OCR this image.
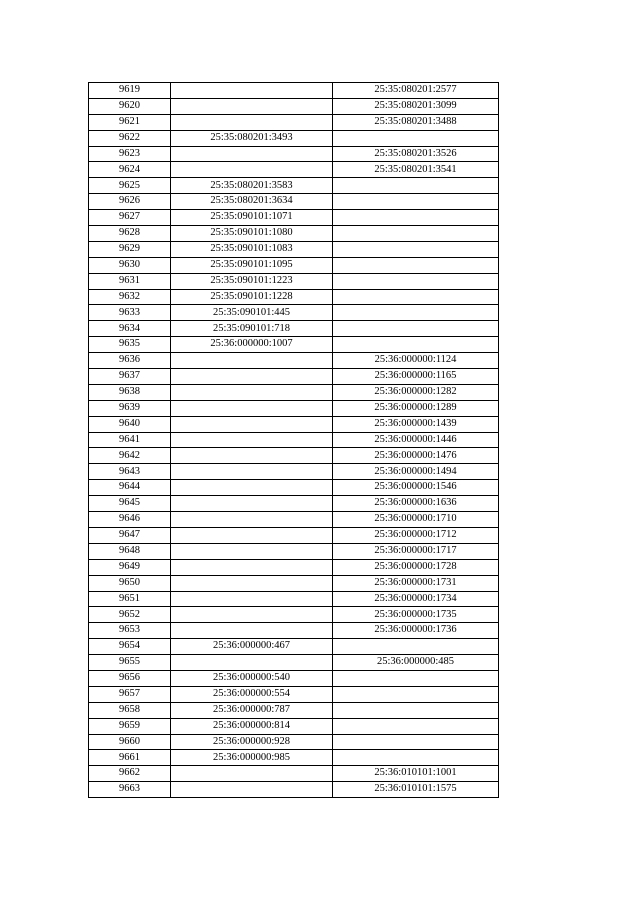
9619		25:35:080201:2577
9620		25:35:080201:3099
9621		25:35:080201:3488
9622	25:35:080201:3493	
9623		25:35:080201:3526
9624		25:35:080201:3541
9625	25:35:080201:3583	
9626	25:35:080201:3634	
9627	25:35:090101:1071	
9628	25:35:090101:1080	
9629	25:35:090101:1083	
9630	25:35:090101:1095	
9631	25:35:090101:1223	
9632	25:35:090101:1228	
9633	25:35:090101:445	
9634	25:35:090101:718	
9635	25:36:000000:1007	
9636		25:36:000000:1124
9637		25:36:000000:1165
9638		25:36:000000:1282
9639		25:36:000000:1289
9640		25:36:000000:1439
9641		25:36:000000:1446
9642		25:36:000000:1476
9643		25:36:000000:1494
9644		25:36:000000:1546
9645		25:36:000000:1636
9646		25:36:000000:1710
9647		25:36:000000:1712
9648		25:36:000000:1717
9649		25:36:000000:1728
9650		25:36:000000:1731
9651		25:36:000000:1734
9652		25:36:000000:1735
9653		25:36:000000:1736
9654	25:36:000000:467	
9655		25:36:000000:485
9656	25:36:000000:540	
9657	25:36:000000:554	
9658	25:36:000000:787	
9659	25:36:000000:814	
9660	25:36:000000:928	
9661	25:36:000000:985	
9662		25:36:010101:1001
9663		25:36:010101:1575
